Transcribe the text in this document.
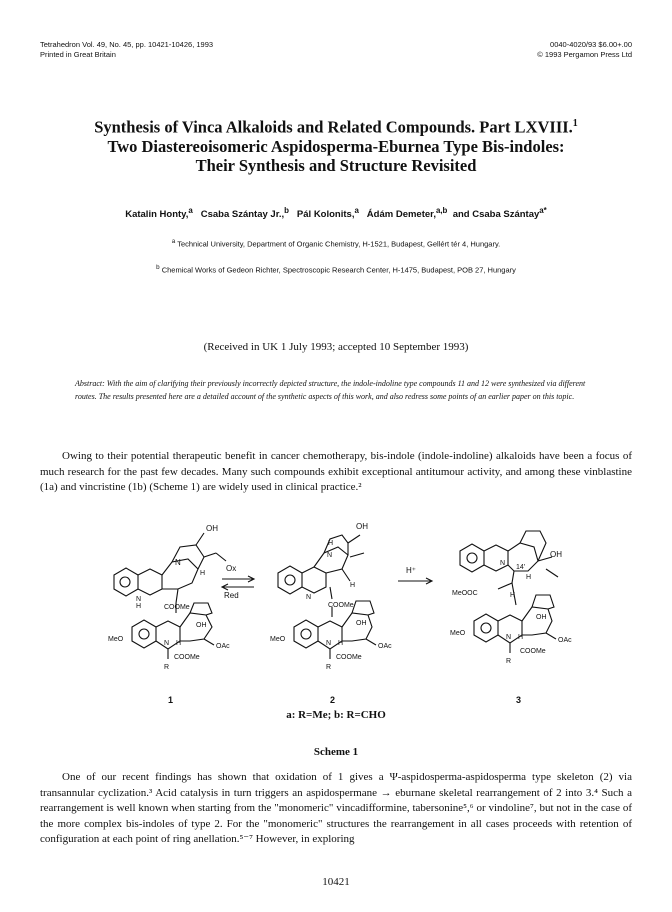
Tetrahedron Vol. 49, No. 45, pp. 10421-10426, 1993
Printed in Great Britain
0040-4020/93 $6.00+.00
© 1993 Pergamon Press Ltd
Synthesis of Vinca Alkaloids and Related Compounds. Part LXVIII.$^1$
Two Diastereoisomeric Aspidosperma-Eburnea Type Bis-indoles:
Their Synthesis and Structure Revisited
Katalin Honty,$^a$ Csaba Szántay Jr.,$^b$ Pál Kolonits,$^a$ Ádám Demeter,$^{a,b}$ and Csaba Szántay$^{a*}$
$^a$ Technical University, Department of Organic Chemistry, H-1521, Budapest, Gellért tér 4, Hungary.
$^b$ Chemical Works of Gedeon Richter, Spectroscopic Research Center, H-1475, Budapest, POB 27, Hungary
(Received in UK 1 July 1993; accepted 10 September 1993)
Abstract: With the aim of clarifying their previously incorrectly depicted structure, the indole-indoline type compounds 11 and 12 were synthesized via different routes. The results presented here are a detailed account of the synthetic aspects of this work, and also redress some points of an earlier paper on this topic.

Owing to their potential therapeutic benefit in cancer chemotherapy, bis-indole (indole-indoline) alkaloids have been a focus of much research for the past few decades. Many such compounds exhibit exceptional antitumour activity, and among these vinblastine (1a) and vincristine (1b) (Scheme 1) are widely used in clinical practice.²

OH
N
H
N
H	COOMe
MeO
OH
OAc
N H
COOMe
R
1
Ox
Red
OH
H
N
H
N
COOMe
MeO
OH
OAc
N H
COOMe
R
2
H⁺
OH
N
14'
H
MeOOC	H
MeO
OH
OAc
N H
COOMe
R
3
a: R=Me; b: R=CHO
Scheme 1

One of our recent findings has shown that oxidation of 1 gives a Ψ-aspidosperma-aspidosperma type skeleton (2) via transannular cyclization.³ Acid catalysis in turn triggers an aspidospermane → eburnane skeletal rearrangement of 2 into 3.⁴ Such a rearrangement is well known when starting from the "monomeric" vincadifformine, tabersonine⁵,⁶ or vindoline⁷, but not in the case of the more complex bis-indoles of type 2. For the "monomeric" structures the rearrangement in all cases proceeds with retention of configuration at each point of ring anellation.⁵⁻⁷ However, in exploring

10421
